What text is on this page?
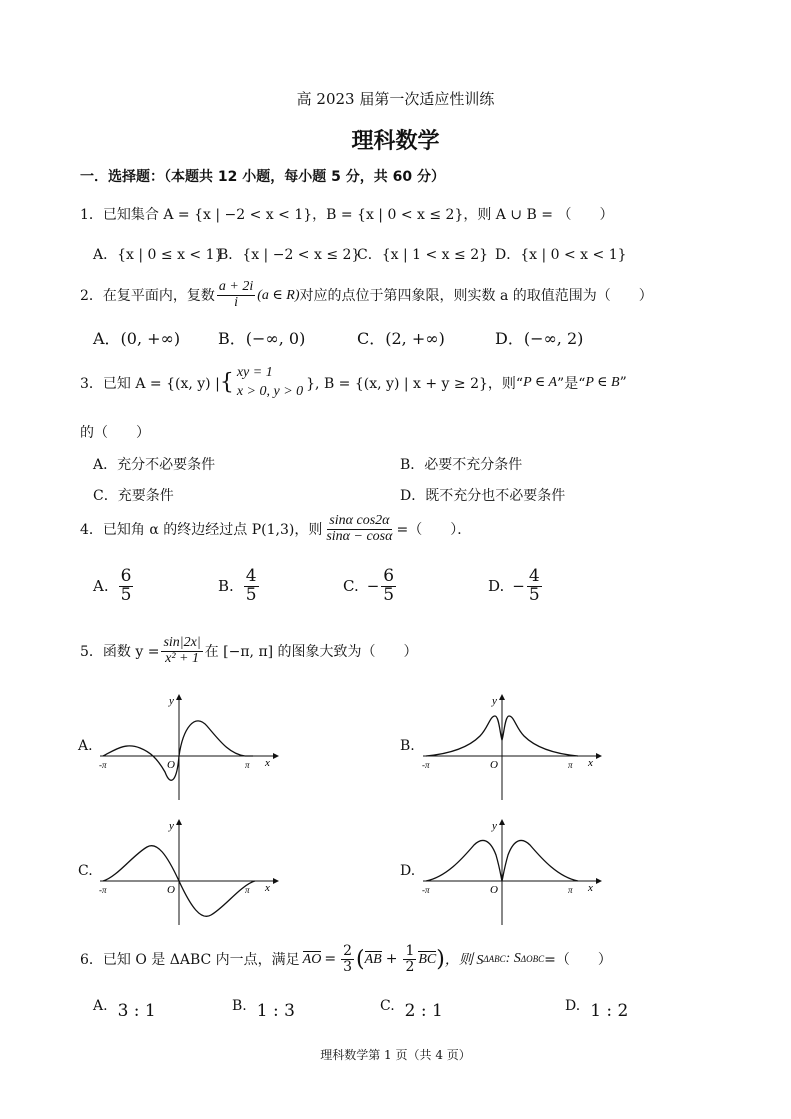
高 2023 届第一次适应性训练
理科数学
一．选择题：（本题共 12 小题，每小题 5 分，共 60 分）
1．已知集合 A = {x | −2 < x < 1}，B = {x | 0 < x ≤ 2}，则 A ∪ B = （　　）
A．{x | 0 ≤ x < 1}
B．{x | −2 < x ≤ 2}
C．{x | 1 < x ≤ 2} D．{x | 0 < x < 1}
2．在复平面内，复数 $\frac{a + 2i}{i} (a$ ∈ R) 对应的点位于第四象限，则实数 a 的取值范围为（　　）
A．(0, +∞) B．(−∞, 0)	C．(2, +∞)	D．(−∞, 2)
3．已知 A = {(x, y) | { xy = 1
x > 0, y > 0 }, B = {(x, y) | x + y ≥ 2}，则“ P ∈ A ”是“ P ∈ B ”
的（　　）
A．充分不必要条件	B．必要不充分条件
C．充要条件	D．既不充分也不必要条件
4．已知角 α 的终边经过点 P(1,3)，则 $\frac{\text{sinα cos2α}}{\sin\alpha - \cos\alpha}$ =（　　）．
A. $\frac{6}{5}$	B. $\frac{4}{5}$	C. − $\frac{6}{5}$	D. − $\frac{4}{5}$
5．函数 $y = \frac{\sin|2x|}{\text{x² + 1}}$ 在 [−π, π] 的图象大致为（　　）
A.	B.
C.	D.
y
x
O
-π	π
y
x
O
-π	π
y
x
O
-π	π
y
x
O
-π	π
6．已知 O 是 ΔABC 内一点，满足 AO = $\frac{2}{3}$ ( AB + $\frac{1}{2}$ BC ) ，则 S ΔABC : S ΔOBC =（　　）
A. 3 : 1	B. 1 : 3	C. 2 : 1	D. 1 : 2
理科数学第 1 页（共 4 页）
